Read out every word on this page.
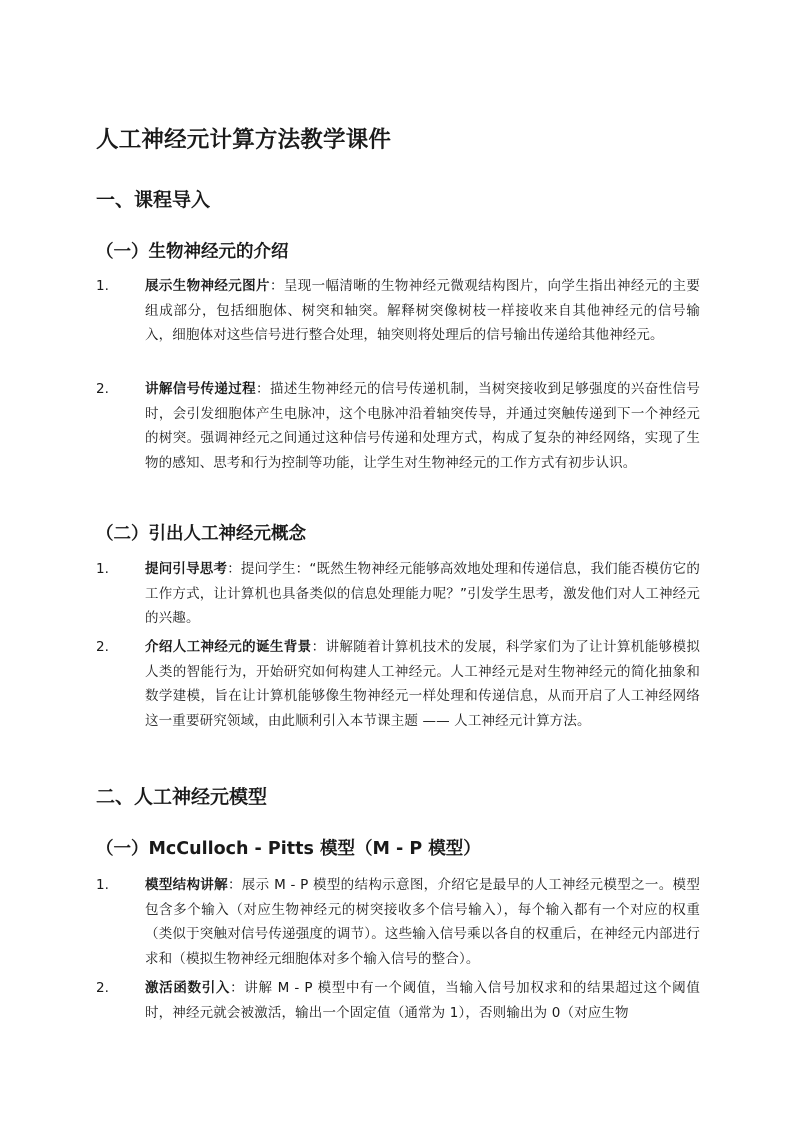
人工神经元计算方法教学课件
一、课程导入
（一）生物神经元的介绍
1.	展示生物神经元图片：呈现一幅清晰的生物神经元微观结构图片，向学生指出神经元的主要组成部分，包括细胞体、树突和轴突。解释树突像树枝一样接收来自其他神经元的信号输入，细胞体对这些信号进行整合处理，轴突则将处理后的信号输出传递给其他神经元。
2.	讲解信号传递过程：描述生物神经元的信号传递机制，当树突接收到足够强度的兴奋性信号时，会引发细胞体产生电脉冲，这个电脉冲沿着轴突传导，并通过突触传递到下一个神经元的树突。强调神经元之间通过这种信号传递和处理方式，构成了复杂的神经网络，实现了生物的感知、思考和行为控制等功能，让学生对生物神经元的工作方式有初步认识。
（二）引出人工神经元概念
1.	提问引导思考：提问学生：“既然生物神经元能够高效地处理和传递信息，我们能否模仿它的工作方式，让计算机也具备类似的信息处理能力呢？”引发学生思考，激发他们对人工神经元的兴趣。
2.	介绍人工神经元的诞生背景：讲解随着计算机技术的发展，科学家们为了让计算机能够模拟人类的智能行为，开始研究如何构建人工神经元。人工神经元是对生物神经元的简化抽象和数学建模，旨在让计算机能够像生物神经元一样处理和传递信息，从而开启了人工神经网络这一重要研究领域，由此顺利引入本节课主题 —— 人工神经元计算方法。
二、人工神经元模型
（一）McCulloch - Pitts 模型（M - P 模型）
1.	模型结构讲解：展示 M - P 模型的结构示意图，介绍它是最早的人工神经元模型之一。模型包含多个输入（对应生物神经元的树突接收多个信号输入），每个输入都有一个对应的权重（类似于突触对信号传递强度的调节）。这些输入信号乘以各自的权重后，在神经元内部进行求和（模拟生物神经元细胞体对多个输入信号的整合）。
2.	激活函数引入：讲解 M - P 模型中有一个阈值，当输入信号加权求和的结果超过这个阈值时，神经元就会被激活，输出一个固定值（通常为 1），否则输出为 0（对应生物
